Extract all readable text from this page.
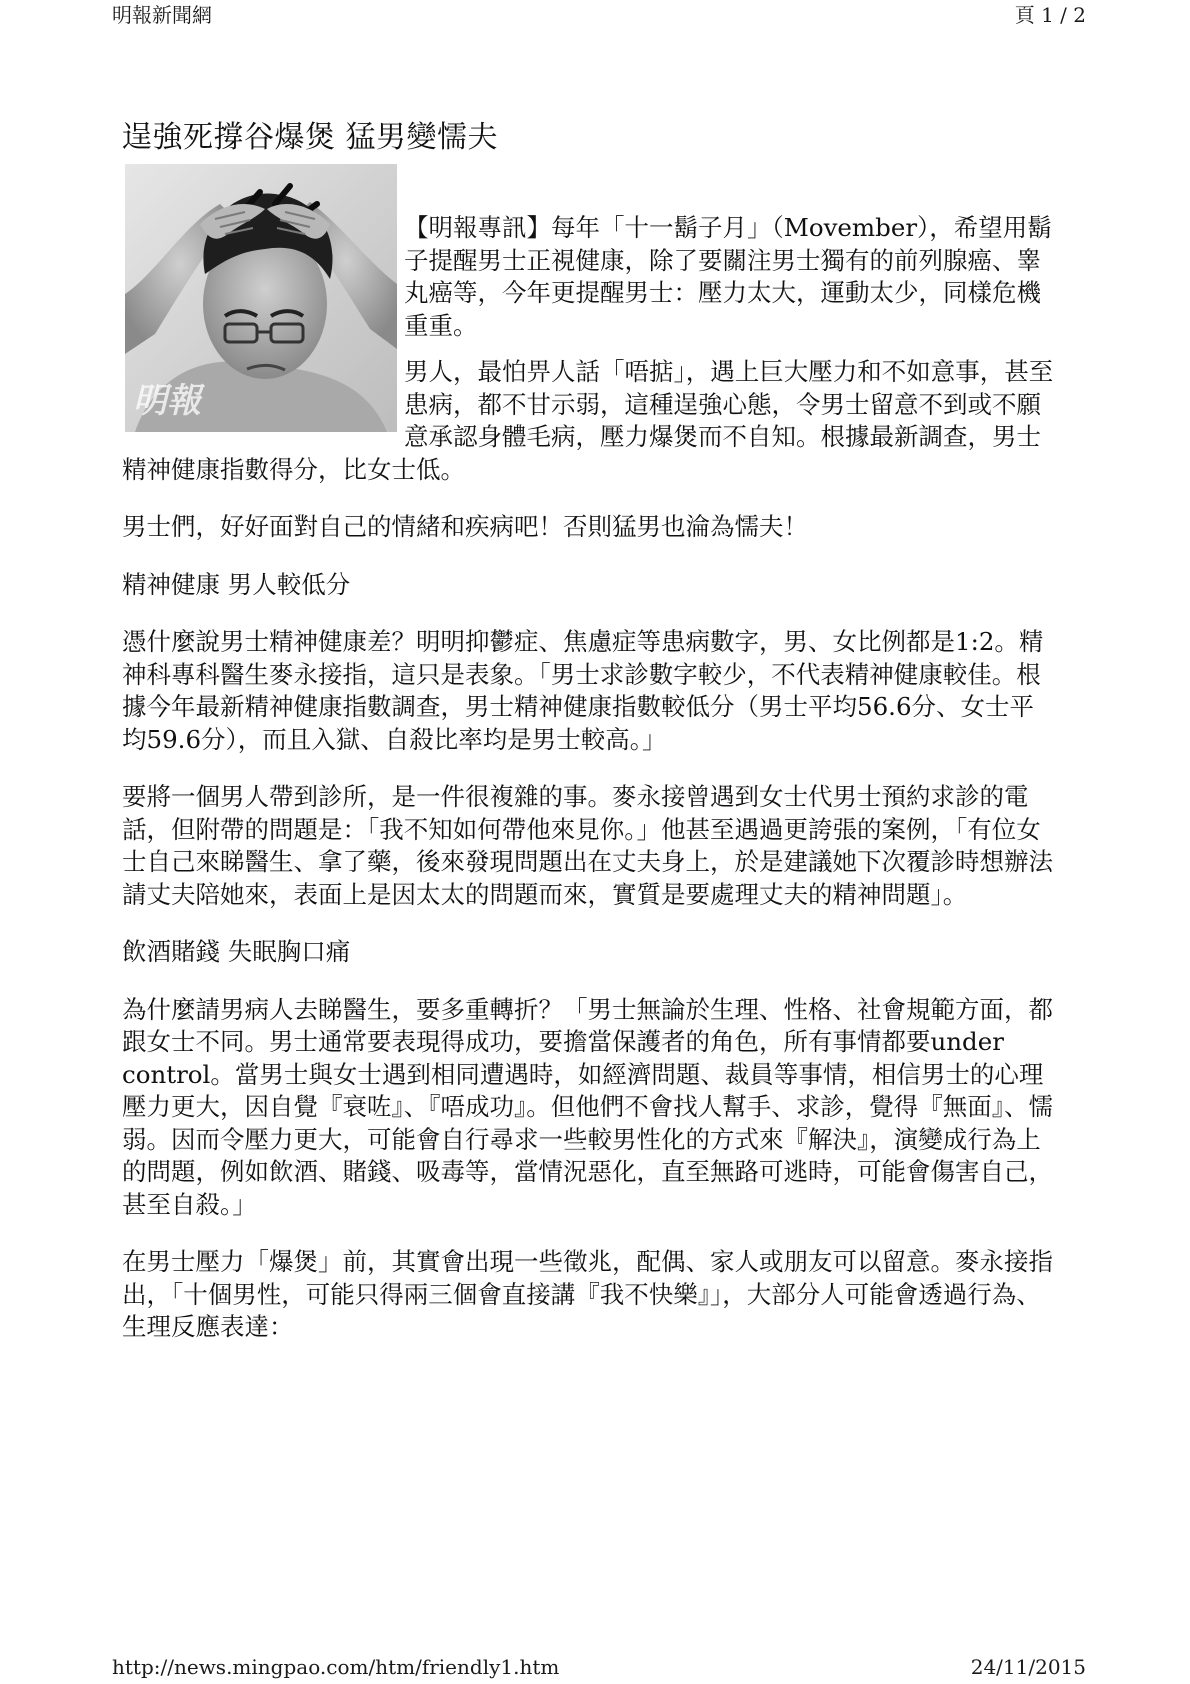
明報新聞網	頁 1 / 2
逞強死撐谷爆煲 猛男變懦夫
明報

【明報專訊】每年「十一鬍子月」（Movember），希望用鬍子提醒男士正視健康，除了要關注男士獨有的前列腺癌、睾丸癌等，今年更提醒男士：壓力太大，運動太少，同樣危機重重。

男人，最怕畀人話「唔掂」，遇上巨大壓力和不如意事，甚至患病，都不甘示弱，這種逞強心態，令男士留意不到或不願意承認身體毛病，壓力爆煲而不自知。根據最新調查，男士精神健康指數得分，比女士低。

男士們，好好面對自己的情緒和疾病吧！否則猛男也淪為懦夫！

精神健康 男人較低分

憑什麼說男士精神健康差？明明抑鬱症、焦慮症等患病數字，男、女比例都是1:2。精神科專科醫生麥永接指，這只是表象。「男士求診數字較少，不代表精神健康較佳。根據今年最新精神健康指數調查，男士精神健康指數較低分（男士平均56.6分、女士平均59.6分），而且入獄、自殺比率均是男士較高。」

要將一個男人帶到診所，是一件很複雜的事。麥永接曾遇到女士代男士預約求診的電話，但附帶的問題是：「我不知如何帶他來見你。」他甚至遇過更誇張的案例，「有位女士自己來睇醫生、拿了藥，後來發現問題出在丈夫身上，於是建議她下次覆診時想辦法請丈夫陪她來，表面上是因太太的問題而來，實質是要處理丈夫的精神問題」。

飲酒賭錢 失眠胸口痛

為什麼請男病人去睇醫生，要多重轉折？「男士無論於生理、性格、社會規範方面，都跟女士不同。男士通常要表現得成功，要擔當保護者的角色，所有事情都要under control。當男士與女士遇到相同遭遇時，如經濟問題、裁員等事情，相信男士的心理壓力更大，因自覺『衰咗』、『唔成功』。但他們不會找人幫手、求診，覺得『無面』、懦弱。因而令壓力更大，可能會自行尋求一些較男性化的方式來『解決』，演變成行為上的問題，例如飲酒、賭錢、吸毒等，當情況惡化，直至無路可逃時，可能會傷害自己，甚至自殺。」

在男士壓力「爆煲」前，其實會出現一些徵兆，配偶、家人或朋友可以留意。麥永接指出，「十個男性，可能只得兩三個會直接講『我不快樂』」，大部分人可能會透過行為、生理反應表達：

http://news.mingpao.com/htm/friendly1.htm	24/11/2015
